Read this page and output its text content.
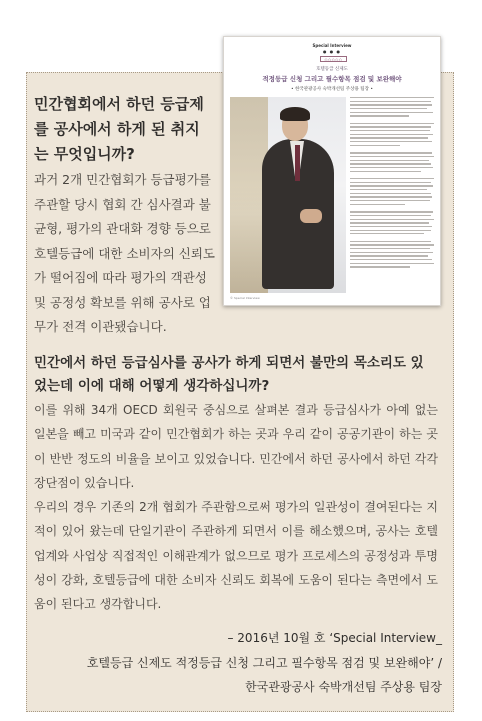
Special Interview
● ● ●
◇◇◇◇◇
호텔등급 신제도
적정등급 신청 그리고 필수항목 점검 및 보완해야
• 한국관광공사 숙박개선팀 주상용 팀장 •
© Special Interview
민간협회에서 하던 등급제를 공사에서 하게 된 취지는 무엇입니까?
과거 2개 민간협회가 등급평가를 주관할 당시 협회 간 심사결과 불균형, 평가의 관대화 경향 등으로 호텔등급에 대한 소비자의 신뢰도가 떨어짐에 따라 평가의 객관성 및 공정성 확보를 위해 공사로 업무가 전격 이관됐습니다.
민간에서 하던 등급심사를 공사가 하게 되면서 불만의 목소리도 있었는데 이에 대해 어떻게 생각하십니까?

이를 위해 34개 OECD 회원국 중심으로 살펴본 결과 등급심사가 아예 없는 일본을 빼고 미국과 같이 민간협회가 하는 곳과 우리 같이 공공기관이 하는 곳이 반반 정도의 비율을 보이고 있었습니다. 민간에서 하던 공사에서 하던 각각 장단점이 있습니다.

우리의 경우 기존의 2개 협회가 주관함으로써 평가의 일관성이 결여된다는 지적이 있어 왔는데 단일기관이 주관하게 되면서 이를 해소했으며, 공사는 호텔업계와 사업상 직접적인 이해관계가 없으므로 평가 프로세스의 공정성과 투명성이 강화, 호텔등급에 대한 소비자 신뢰도 회복에 도움이 된다는 측면에서 도움이 된다고 생각합니다.

– 2016년 10월 호 ‘Special Interview_
호텔등급 신제도 적정등급 신청 그리고 필수항목 점검 및 보완해야’ /
한국관광공사 숙박개선팀 주상용 팀장
